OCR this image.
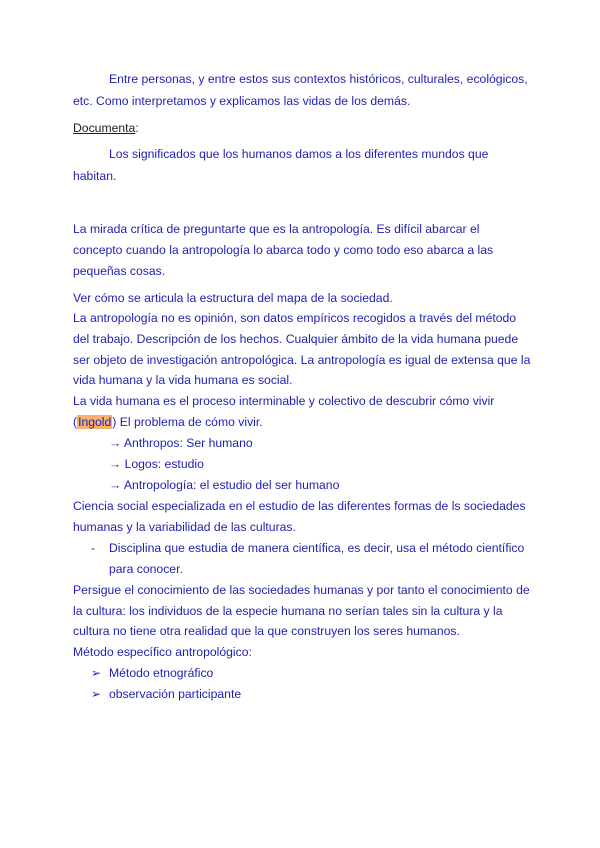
Entre personas, y entre estos sus contextos históricos, culturales, ecológicos,
etc. Como interpretamos y explicamos las vidas de los demás.
Documenta:
Los significados que los humanos damos a los diferentes mundos que
habitan.
La mirada crítica de preguntarte que es la antropología. Es difícil abarcar el
concepto cuando la antropología lo abarca todo y como todo eso abarca a las
pequeñas cosas.
Ver cómo se articula la estructura del mapa de la sociedad.
La antropología no es opinión, son datos empíricos recogidos a través del método
del trabajo. Descripción de los hechos. Cualquier ámbito de la vida humana puede
ser objeto de investigación antropológica. La antropología es igual de extensa que la
vida humana y la vida humana es social.
La vida humana es el proceso interminable y colectivo de descubrir cómo vivir
(Ingold) El problema de cómo vivir.
→ Anthropos: Ser humano
→ Logos: estudio
→ Antropología: el estudio del ser humano
Ciencia social especializada en el estudio de las diferentes formas de ls sociedades
humanas y la variabilidad de las culturas.
- Disciplina que estudia de manera científica, es decir, usa el método científico
para conocer.
Persigue el conocimiento de las sociedades humanas y por tanto el conocimiento de
la cultura: los individuos de la especie humana no serían tales sin la cultura y la
cultura no tiene otra realidad que la que construyen los seres humanos.
Método específico antropológico:
➢ Método etnográfico
➢ observación participante
